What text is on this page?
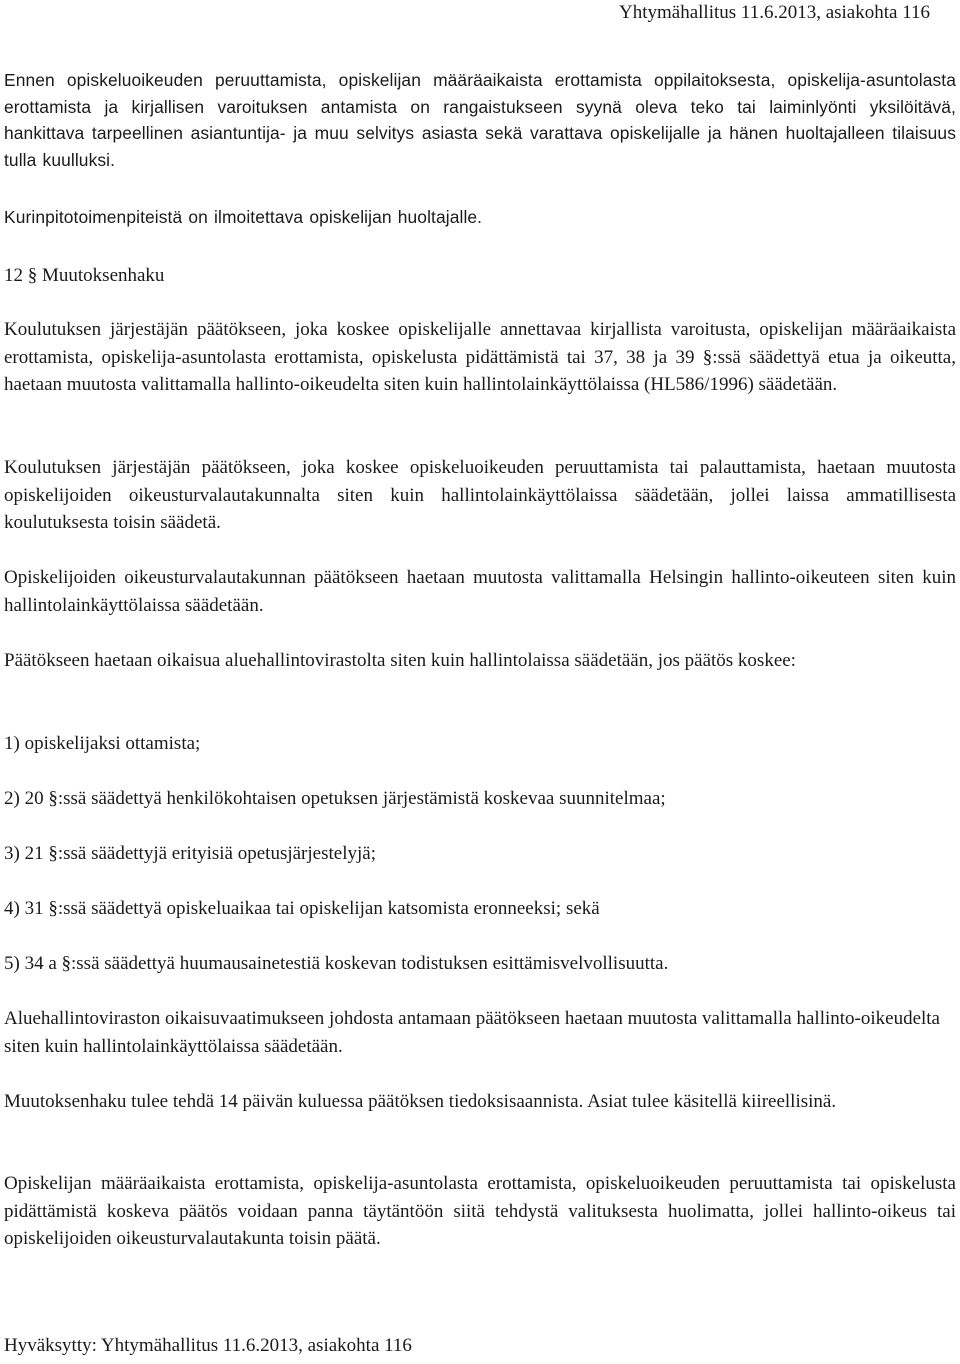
Yhtymähallitus 11.6.2013, asiakohta 116

Ennen opiskeluoikeuden peruuttamista, opiskelijan määräaikaista erottamista oppilaitoksesta, opiskelija-asuntolasta erottamista ja kirjallisen varoituksen antamista on rangaistukseen syynä oleva teko tai laiminlyönti yksilöitävä, hankittava tarpeellinen asiantuntija- ja muu selvitys asiasta sekä varattava opiskelijalle ja hänen huoltajalleen tilaisuus tulla kuulluksi.

Kurinpitotoimenpiteistä on ilmoitettava opiskelijan huoltajalle.

12 § Muutoksenhaku

Koulutuksen järjestäjän päätökseen, joka koskee opiskelijalle annettavaa kirjallista varoitusta, opiskelijan määräaikaista erottamista, opiskelija-asuntolasta erottamista, opiskelusta pidättämistä tai 37, 38 ja 39 §:ssä säädettyä etua ja oikeutta, haetaan muutosta valittamalla hallinto-oikeudelta siten kuin hallintolainkäyttölaissa (HL586/1996) säädetään.

Koulutuksen järjestäjän päätökseen, joka koskee opiskeluoikeuden peruuttamista tai palauttamista, haetaan muutosta opiskelijoiden oikeusturvalautakunnalta siten kuin hallintolainkäyttölaissa säädetään, jollei laissa ammatillisesta koulutuksesta toisin säädetä.

Opiskelijoiden oikeusturvalautakunnan päätökseen haetaan muutosta valittamalla Helsingin hallinto-oikeuteen siten kuin hallintolainkäyttölaissa säädetään.

Päätökseen haetaan oikaisua aluehallintovirastolta siten kuin hallintolaissa säädetään, jos päätös koskee:

1) opiskelijaksi ottamista;

2) 20 §:ssä säädettyä henkilökohtaisen opetuksen järjestämistä koskevaa suunnitelmaa;

3) 21 §:ssä säädettyjä erityisiä opetusjärjestelyjä;

4) 31 §:ssä säädettyä opiskeluaikaa tai opiskelijan katsomista eronneeksi; sekä

5) 34 a §:ssä säädettyä huumausainetestiä koskevan todistuksen esittämisvelvollisuutta.

Aluehallintoviraston oikaisuvaatimukseen johdosta antamaan päätökseen haetaan muutosta valittamalla hallinto-oikeudelta siten kuin hallintolainkäyttölaissa säädetään.

Muutoksenhaku tulee tehdä 14 päivän kuluessa päätöksen tiedoksisaannista. Asiat tulee käsitellä kiireellisinä.

Opiskelijan määräaikaista erottamista, opiskelija-asuntolasta erottamista, opiskeluoikeuden peruuttamista tai opiskelusta pidättämistä koskeva päätös voidaan panna täytäntöön siitä tehdystä valituksesta huolimatta, jollei hallinto-oikeus tai opiskelijoiden oikeusturvalautakunta toisin päätä.

Hyväksytty: Yhtymähallitus 11.6.2013, asiakohta 116
